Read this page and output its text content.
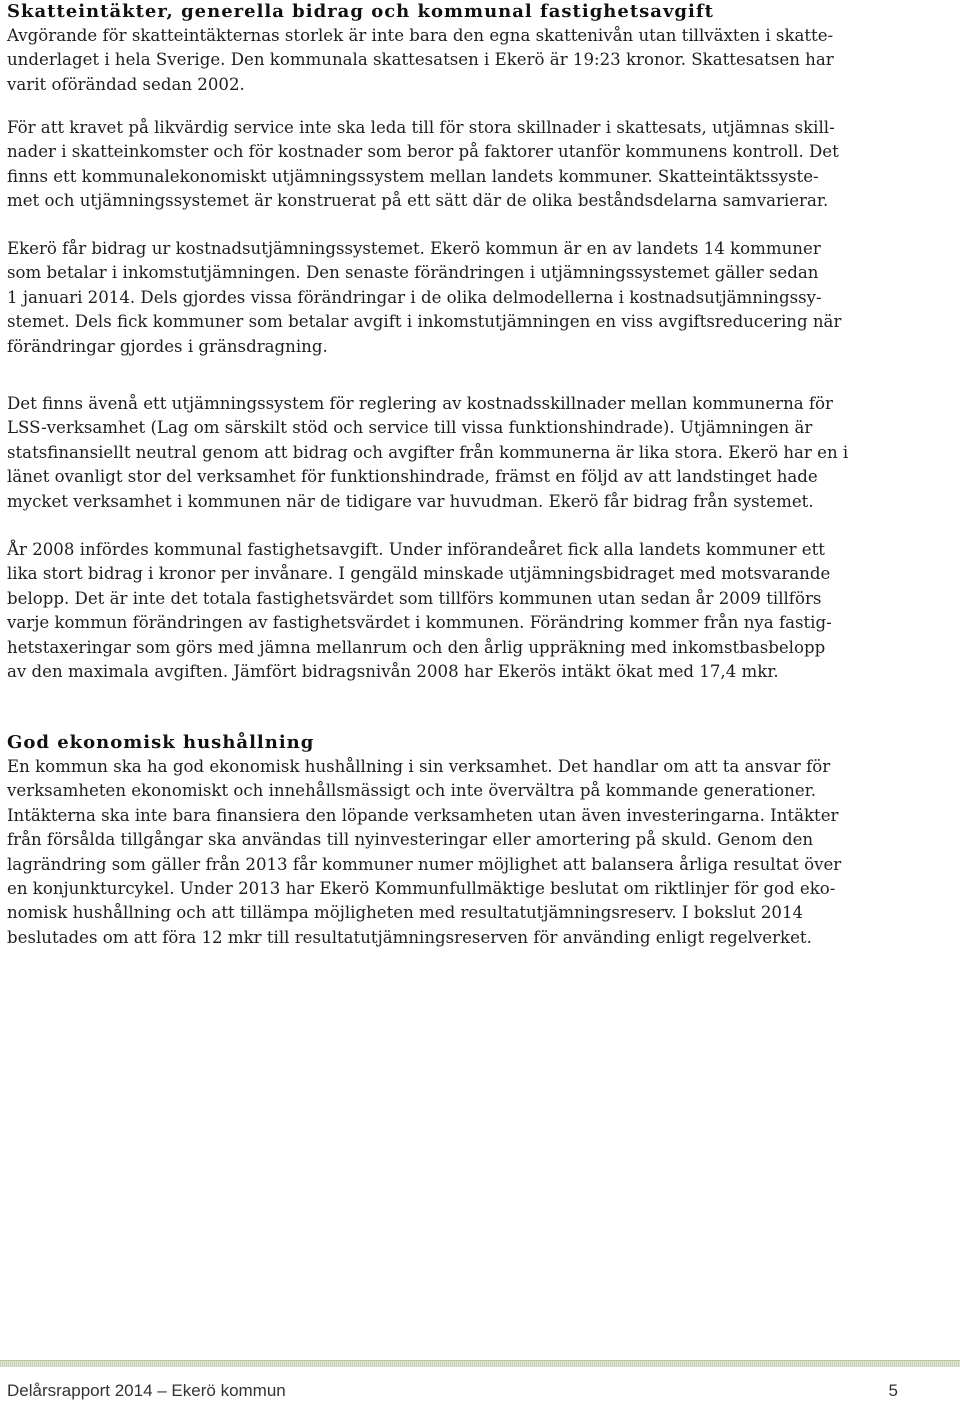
Skatteintäkter, generella bidrag och kommunal fastighetsavgift

Avgörande för skatteintäkternas storlek är inte bara den egna skattenivån utan tillväxten i skatte-
underlaget i hela Sverige. Den kommunala skattesatsen i Ekerö är 19:23 kronor. Skattesatsen har
varit oförändad sedan 2002.

För att kravet på likvärdig service inte ska leda till för stora skillnader i skattesats, utjämnas skill-
nader i skatteinkomster och för kostnader som beror på faktorer utanför kommunens kontroll. Det
finns ett kommunalekonomiskt utjämningssystem mellan landets kommuner. Skatteintäktssyste-
met och utjämningssystemet är konstruerat på ett sätt där de olika beståndsdelarna samvarierar.

Ekerö får bidrag ur kostnadsutjämningssystemet. Ekerö kommun är en av landets 14 kommuner
som betalar i inkomstutjämningen. Den senaste förändringen i utjämningssystemet gäller sedan
1 januari 2014. Dels gjordes vissa förändringar i de olika delmodellerna i kostnadsutjämningssy-
stemet. Dels fick kommuner som betalar avgift i inkomstutjämningen en viss avgiftsreducering när
förändringar gjordes i gränsdragning.

Det finns ävenå ett utjämningssystem för reglering av kostnadsskillnader mellan kommunerna för
LSS-verksamhet (Lag om särskilt stöd och service till vissa funktionshindrade). Utjämningen är
statsfinansiellt neutral genom att bidrag och avgifter från kommunerna är lika stora. Ekerö har en i
länet ovanligt stor del verksamhet för funktionshindrade, främst en följd av att landstinget hade
mycket verksamhet i kommunen när de tidigare var huvudman. Ekerö får bidrag från systemet.

År 2008 infördes kommunal fastighetsavgift. Under införandeåret fick alla landets kommuner ett
lika stort bidrag i kronor per invånare. I gengäld minskade utjämningsbidraget med motsvarande
belopp. Det är inte det totala fastighetsvärdet som tillförs kommunen utan sedan år 2009 tillförs
varje kommun förändringen av fastighetsvärdet i kommunen. Förändring kommer från nya fastig-
hetstaxeringar som görs med jämna mellanrum och den årlig uppräkning med inkomstbasbelopp
av den maximala avgiften. Jämfört bidragsnivån 2008 har Ekerös intäkt ökat med 17,4 mkr.

God ekonomisk hushållning

En kommun ska ha god ekonomisk hushållning i sin verksamhet. Det handlar om att ta ansvar för
verksamheten ekonomiskt och innehållsmässigt och inte övervältra på kommande generationer.
Intäkterna ska inte bara finansiera den löpande verksamheten utan även investeringarna. Intäkter
från försålda tillgångar ska användas till nyinvesteringar eller amortering på skuld. Genom den
lagrändring som gäller från 2013 får kommuner numer möjlighet att balansera årliga resultat över
en konjunkturcykel. Under 2013 har Ekerö Kommunfullmäktige beslutat om riktlinjer för god eko-
nomisk hushållning och att tillämpa möjligheten med resultatutjämningsreserv. I bokslut 2014
beslutades om att föra 12 mkr till resultatutjämningsreserven för använding enligt regelverket.

Delårsrapport 2014 – Ekerö kommun	5
